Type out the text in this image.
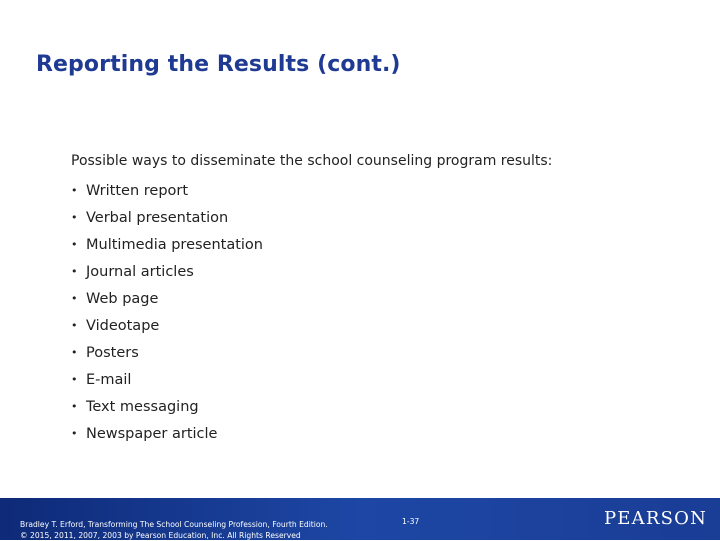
Reporting the Results (cont.)
Possible ways to disseminate the school counseling program results:
• Written report
• Verbal presentation
• Multimedia presentation
• Journal articles
• Web page
• Videotape
• Posters
• E-mail
• Text messaging
• Newspaper article
Bradley T. Erford, Transforming The School Counseling Profession, Fourth Edition.
© 2015, 2011, 2007, 2003 by Pearson Education, Inc. All Rights Reserved
1-37	PEARSON
